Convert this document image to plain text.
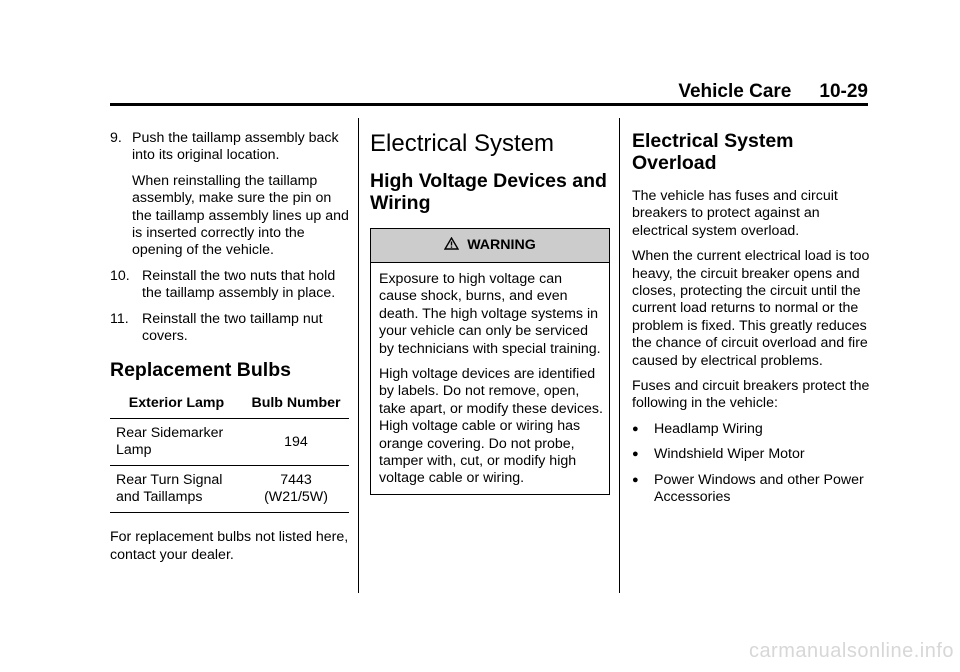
Vehicle Care 10-29
9. Push the taillamp assembly back into its original location.

When reinstalling the taillamp assembly, make sure the pin on the taillamp assembly lines up and is inserted correctly into the opening of the vehicle.

10. Reinstall the two nuts that hold the taillamp assembly in place.

11. Reinstall the two taillamp nut covers.

Replacement Bulbs
Exterior Lamp	Bulb Number
Rear Sidemarker Lamp	194
Rear Turn Signal and Taillamps	7443 (W21/5W)

For replacement bulbs not listed here, contact your dealer.

Electrical System
High Voltage Devices and Wiring
WARNING

Exposure to high voltage can cause shock, burns, and even death. The high voltage systems in your vehicle can only be serviced by technicians with special training.

High voltage devices are identified by labels. Do not remove, open, take apart, or modify these devices. High voltage cable or wiring has orange covering. Do not probe, tamper with, cut, or modify high voltage cable or wiring.

Electrical System Overload

The vehicle has fuses and circuit breakers to protect against an electrical system overload.

When the current electrical load is too heavy, the circuit breaker opens and closes, protecting the circuit until the current load returns to normal or the problem is fixed. This greatly reduces the chance of circuit overload and fire caused by electrical problems.

Fuses and circuit breakers protect the following in the vehicle:

●	Headlamp Wiring
●	Windshield Wiper Motor
●	Power Windows and other Power Accessories
carmanualsonline.info
